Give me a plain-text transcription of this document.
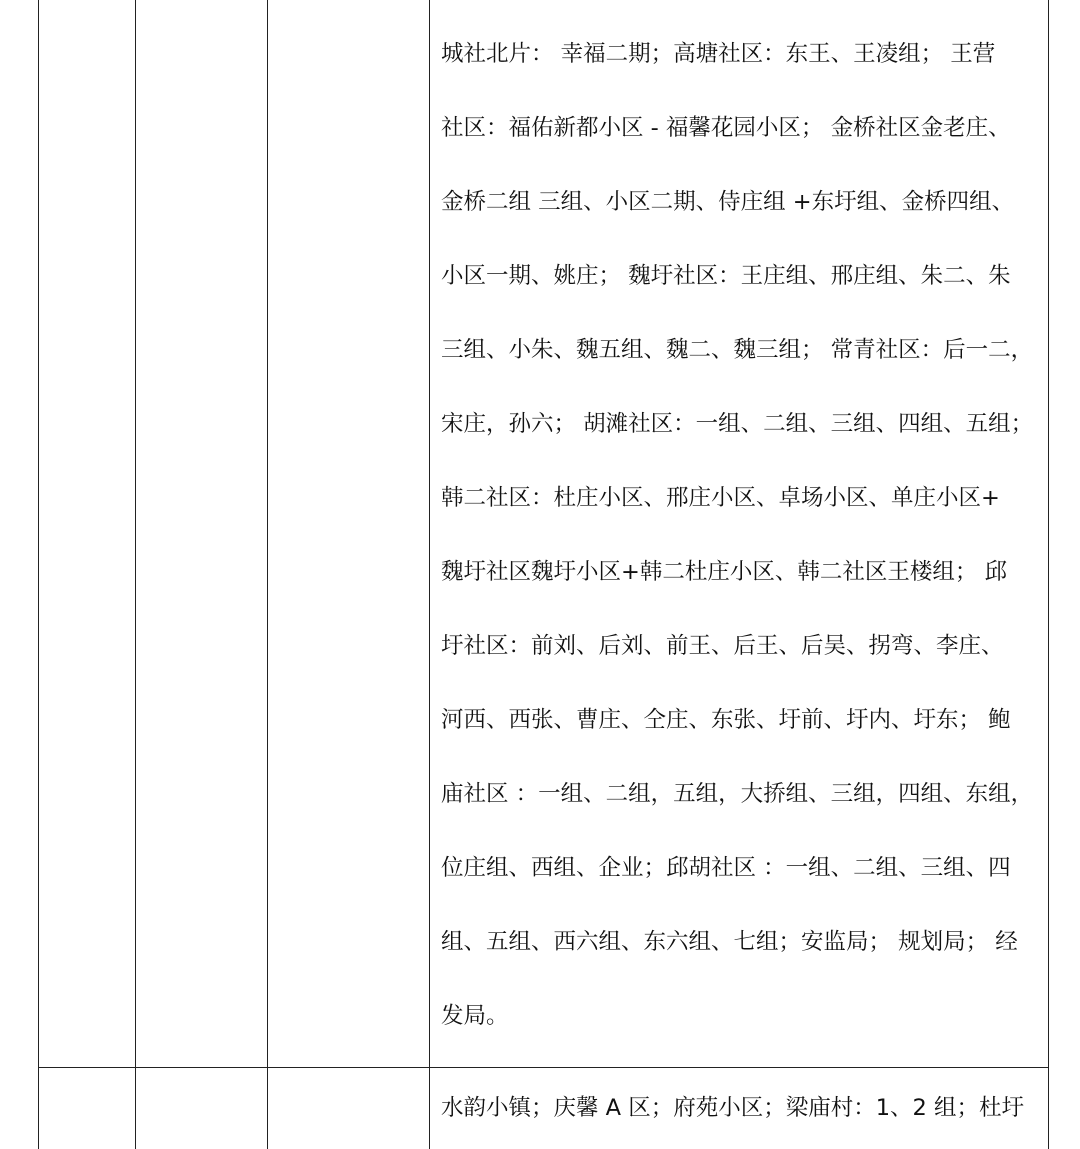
城社北片： 幸福二期；高塘社区：东王、王凌组； 王营
社区：福佑新都小区 - 福馨花园小区； 金桥社区金老庄、
金桥二组 三组、小区二期、侍庄组 +东圩组、金桥四组、
小区一期、姚庄； 魏圩社区：王庄组、邢庄组、朱二、朱
三组、小朱、魏五组、魏二、魏三组； 常青社区：后一二，
宋庄，孙六； 胡滩社区：一组、二组、三组、四组、五组；
韩二社区：杜庄小区、邢庄小区、卓场小区、单庄小区+
魏圩社区魏圩小区+韩二杜庄小区、韩二社区王楼组； 邱
圩社区：前刘、后刘、前王、后王、后吴、拐弯、李庄、
河西、西张、曹庄、仝庄、东张、圩前、圩内、圩东； 鲍
庙社区 ：一组、二组，五组，大挢组、三组，四组、东组，
位庄组、西组、企业；邱胡社区 ：一组、二组、三组、四
组、五组、西六组、东六组、七组；安监局； 规划局； 经
发局。
水韵小镇；庆馨 A 区；府苑小区；梁庙村：1、2 组；杜圩
